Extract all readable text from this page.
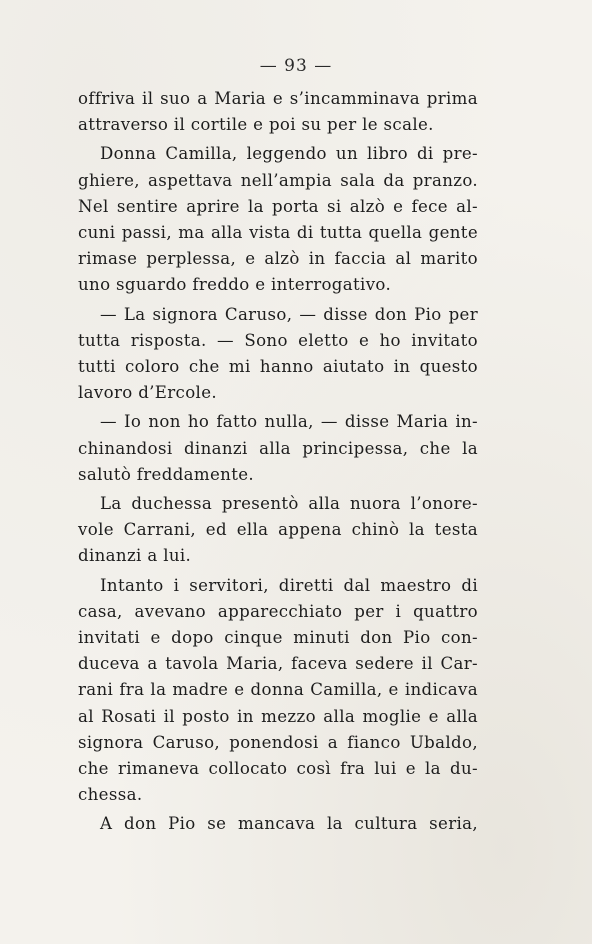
— 93 —
offriva il suo a Maria e s’incamminava prima
attraverso il cortile e poi su per le scale.
Donna Camilla, leggendo un libro di pre-
ghiere, aspettava nell’ampia sala da pranzo.
Nel sentire aprire la porta si alzò e fece al-
cuni passi, ma alla vista di tutta quella gente
rimase perplessa, e alzò in faccia al marito
uno sguardo freddo e interrogativo.
— La signora Caruso, — disse don Pio per
tutta risposta. — Sono eletto e ho invitato
tutti coloro che mi hanno aiutato in questo
lavoro d’Ercole.
— Io non ho fatto nulla, — disse Maria in-
chinandosi dinanzi alla principessa, che la
salutò freddamente.
La duchessa presentò alla nuora l’onore-
vole Carrani, ed ella appena chinò la testa
dinanzi a lui.
Intanto i servitori, diretti dal maestro di
casa, avevano apparecchiato per i quattro
invitati e dopo cinque minuti don Pio con-
duceva a tavola Maria, faceva sedere il Car-
rani fra la madre e donna Camilla, e indicava
al Rosati il posto in mezzo alla moglie e alla
signora Caruso, ponendosi a fianco Ubaldo,
che rimaneva collocato così fra lui e la du-
chessa.
A don Pio se mancava la cultura seria,
